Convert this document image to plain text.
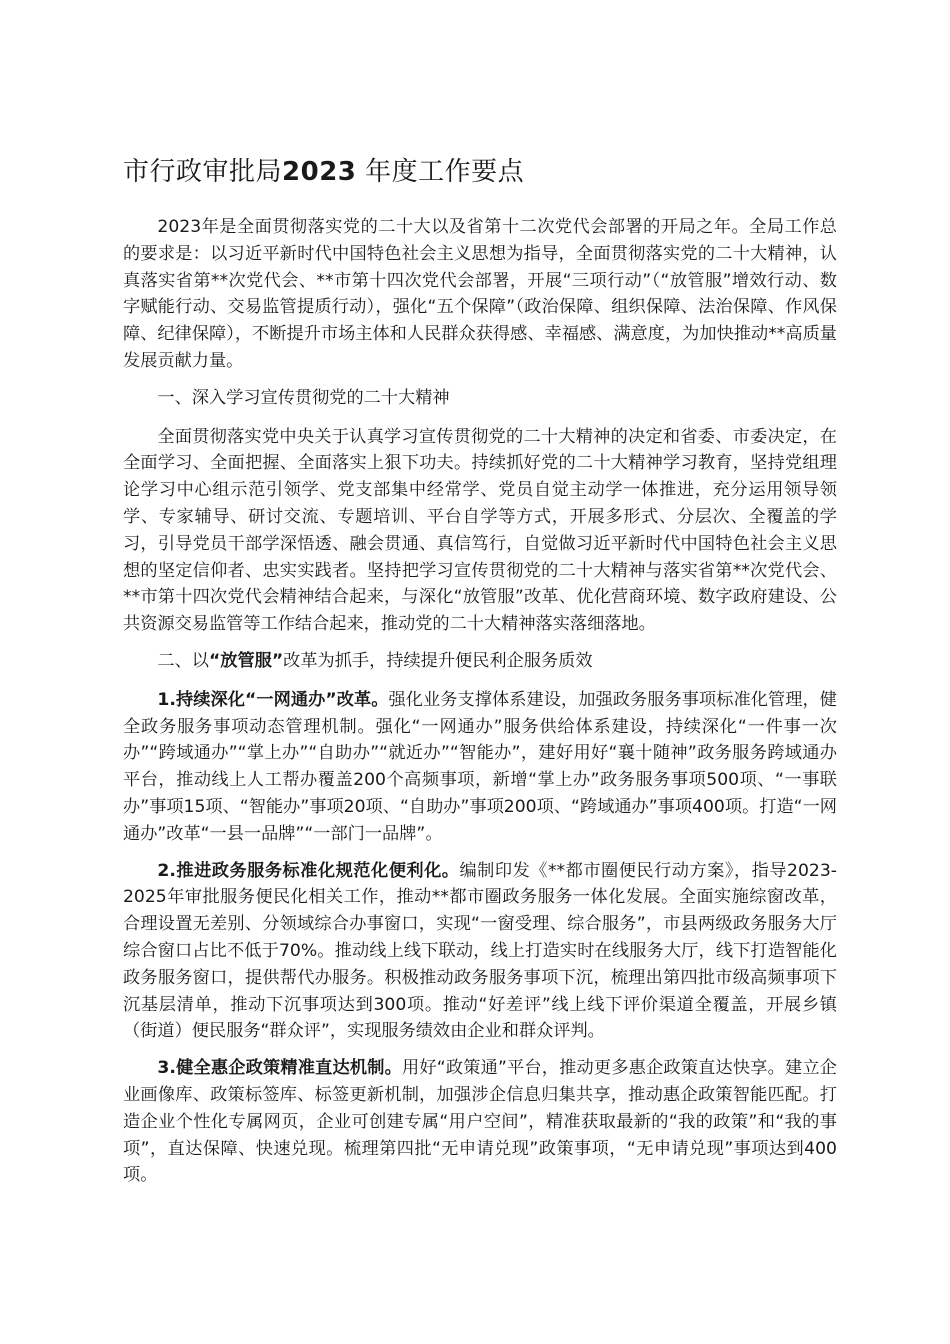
市行政审批局2023 年度工作要点

2023年是全面贯彻落实党的二十大以及省第十二次党代会部署的开局之年。全局工作总的要求是：以习近平新时代中国特色社会主义思想为指导，全面贯彻落实党的二十大精神，认真落实省第**次党代会、**市第十四次党代会部署，开展“三项行动”（“放管服”增效行动、数字赋能行动、交易监管提质行动），强化“五个保障”（政治保障、组织保障、法治保障、作风保障、纪律保障），不断提升市场主体和人民群众获得感、幸福感、满意度，为加快推动**高质量发展贡献力量。

一、深入学习宣传贯彻党的二十大精神

全面贯彻落实党中央关于认真学习宣传贯彻党的二十大精神的决定和省委、市委决定，在全面学习、全面把握、全面落实上狠下功夫。持续抓好党的二十大精神学习教育，坚持党组理论学习中心组示范引领学、党支部集中经常学、党员自觉主动学一体推进，充分运用领导领学、专家辅导、研讨交流、专题培训、平台自学等方式，开展多形式、分层次、全覆盖的学习，引导党员干部学深悟透、融会贯通、真信笃行，自觉做习近平新时代中国特色社会主义思想的坚定信仰者、忠实实践者。坚持把学习宣传贯彻党的二十大精神与落实省第**次党代会、**市第十四次党代会精神结合起来，与深化“放管服”改革、优化营商环境、数字政府建设、公共资源交易监管等工作结合起来，推动党的二十大精神落实落细落地。

二、以“放管服”改革为抓手，持续提升便民利企服务质效

1.持续深化“一网通办”改革。强化业务支撑体系建设，加强政务服务事项标准化管理，健全政务服务事项动态管理机制。强化“一网通办”服务供给体系建设，持续深化“一件事一次办”“跨域通办”“掌上办”“自助办”“就近办”“智能办”，建好用好“襄十随神”政务服务跨域通办平台，推动线上人工帮办覆盖200个高频事项，新增“掌上办”政务服务事项500项、“一事联办”事项15项、“智能办”事项20项、“自助办”事项200项、“跨域通办”事项400项。打造“一网通办”改革“一县一品牌”“一部门一品牌”。

2.推进政务服务标准化规范化便利化。编制印发《**都市圈便民行动方案》，指导2023-2025年审批服务便民化相关工作，推动**都市圈政务服务一体化发展。全面实施综窗改革，合理设置无差别、分领域综合办事窗口，实现“一窗受理、综合服务”，市县两级政务服务大厅综合窗口占比不低于70%。推动线上线下联动，线上打造实时在线服务大厅，线下打造智能化政务服务窗口，提供帮代办服务。积极推动政务服务事项下沉，梳理出第四批市级高频事项下沉基层清单，推动下沉事项达到300项。推动“好差评”线上线下评价渠道全覆盖，开展乡镇（街道）便民服务“群众评”，实现服务绩效由企业和群众评判。

3.健全惠企政策精准直达机制。用好“政策通”平台，推动更多惠企政策直达快享。建立企业画像库、政策标签库、标签更新机制，加强涉企信息归集共享，推动惠企政策智能匹配。打造企业个性化专属网页，企业可创建专属“用户空间”，精准获取最新的“我的政策”和“我的事项”，直达保障、快速兑现。梳理第四批“无申请兑现”政策事项，“无申请兑现”事项达到400项。
